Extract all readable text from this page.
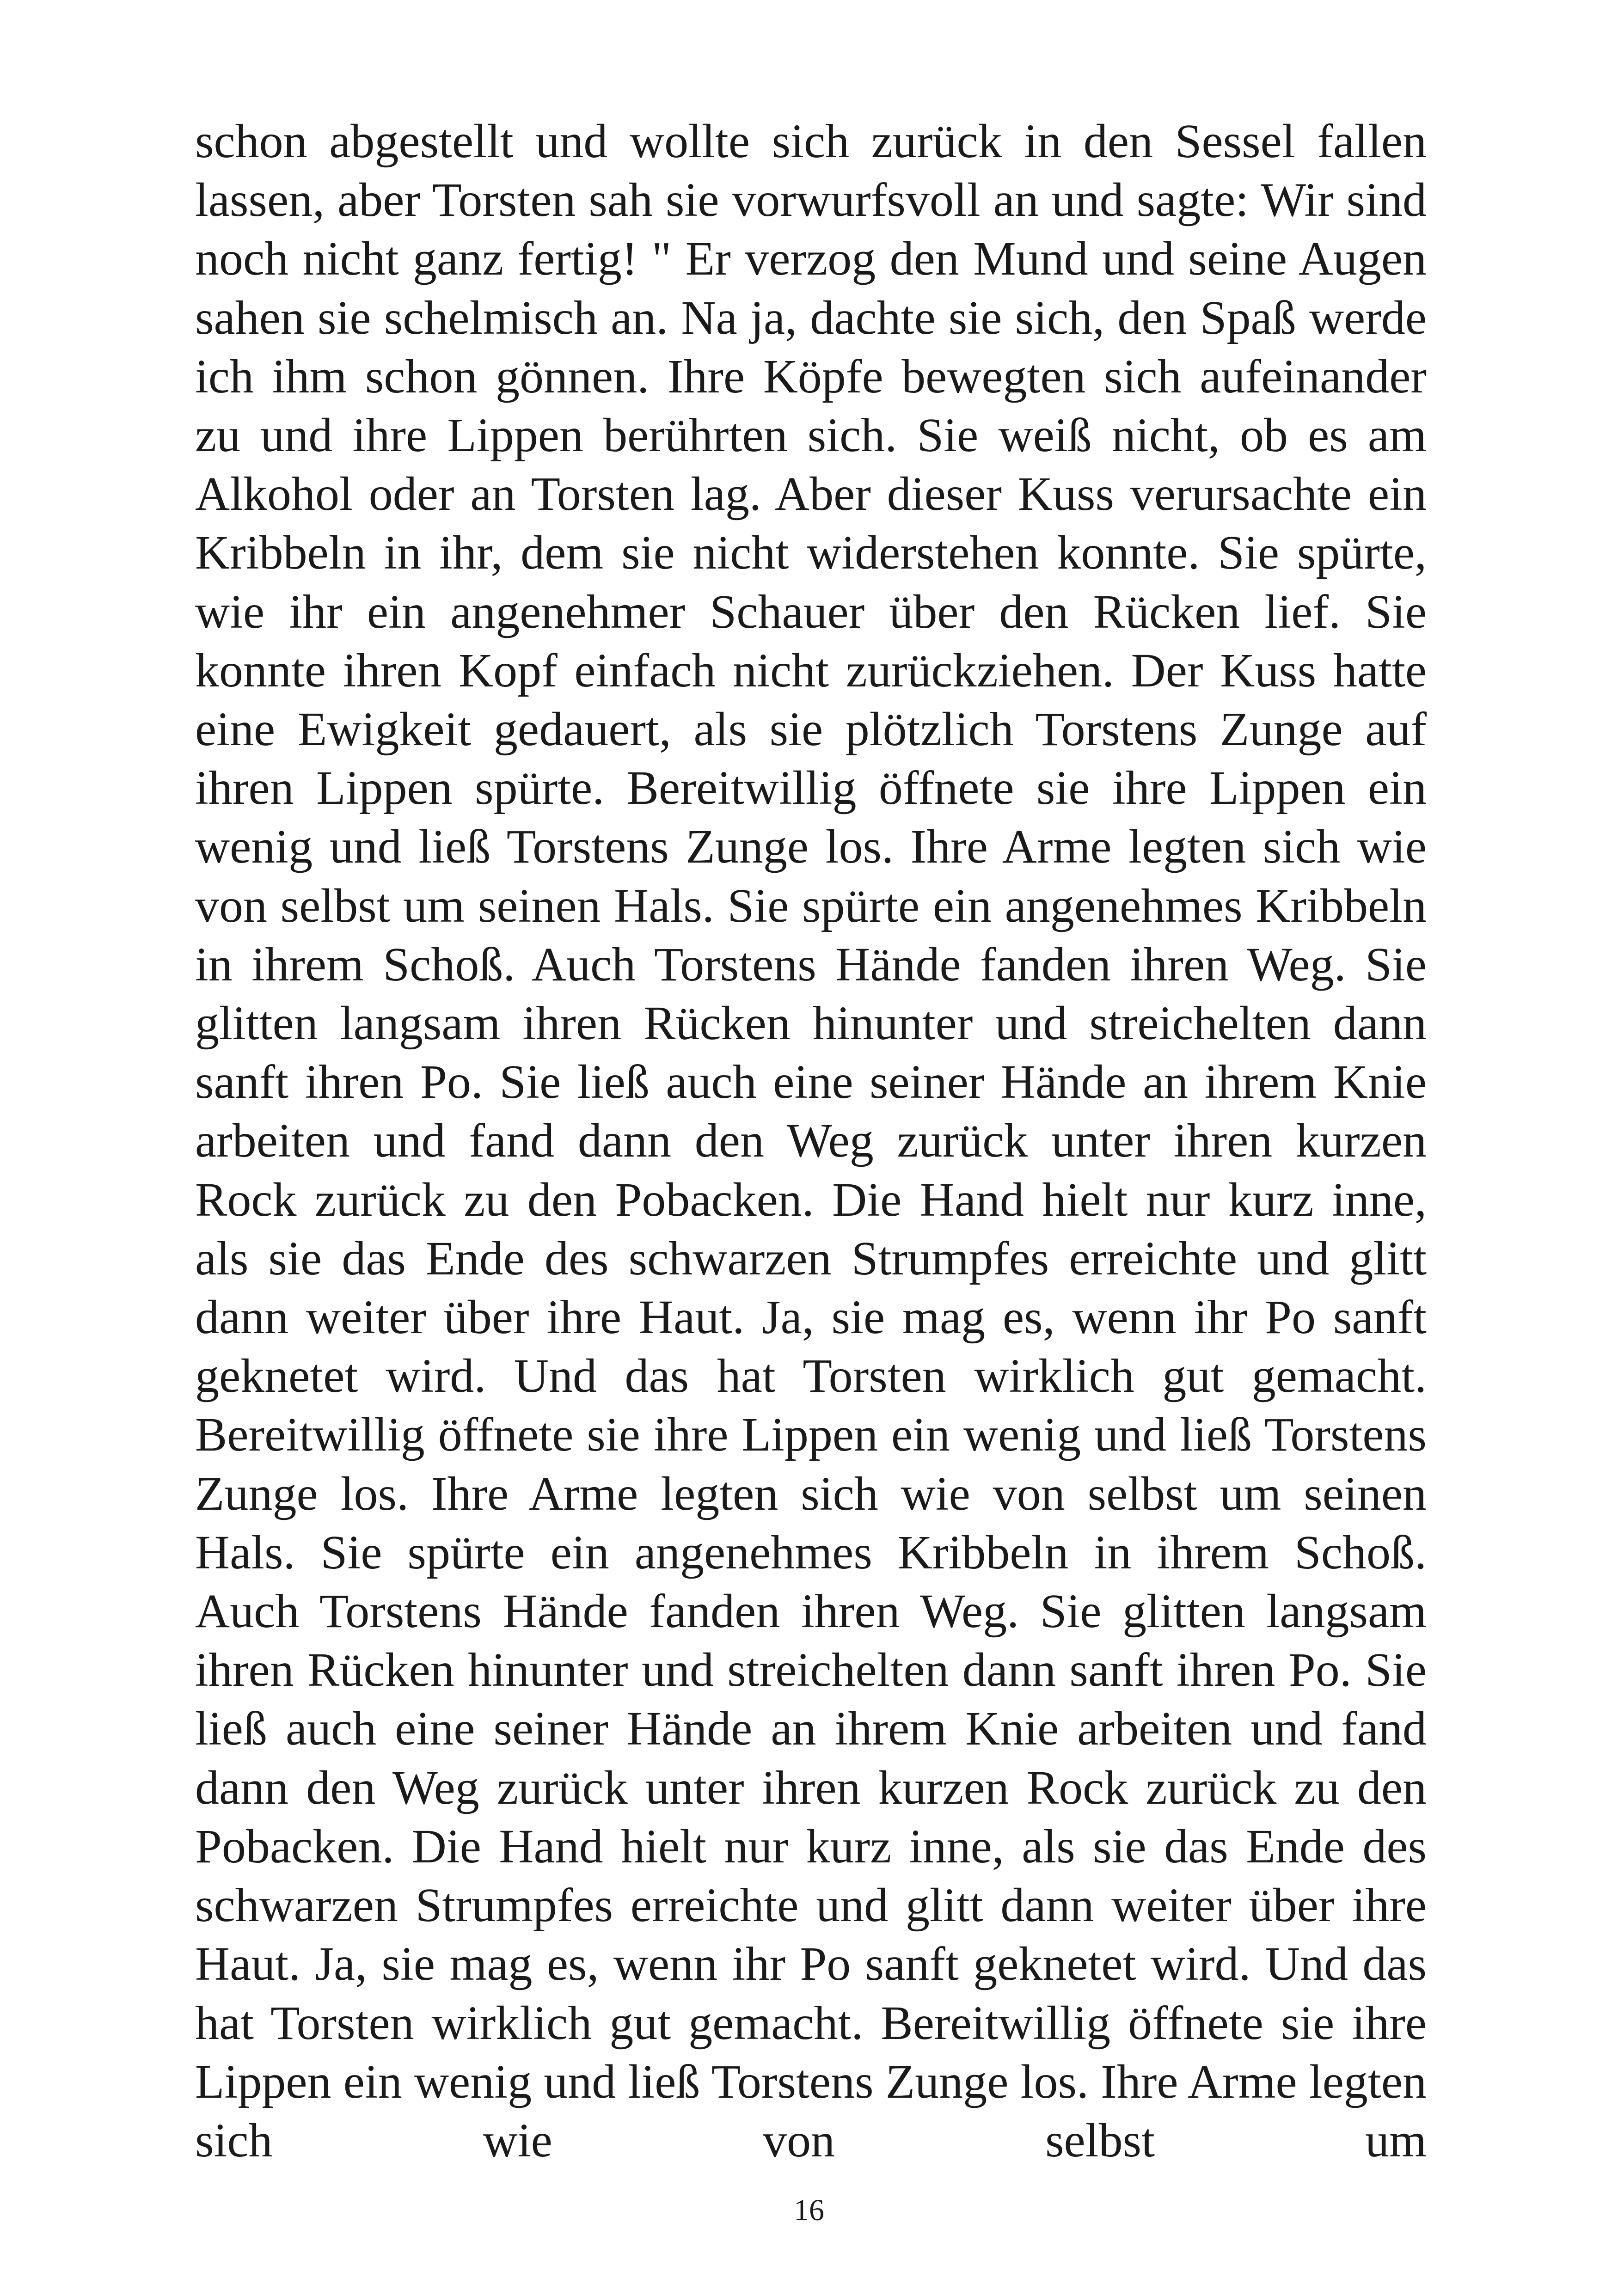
schon abgestellt und wollte sich zurück in den Sessel fallen lassen, aber Torsten sah sie vorwurfsvoll an und sagte: Wir sind noch nicht ganz fertig! " Er verzog den Mund und seine Augen sahen sie schelmisch an. Na ja, dachte sie sich, den Spaß werde ich ihm schon gönnen. Ihre Köpfe bewegten sich aufeinander zu und ihre Lippen berührten sich. Sie weiß nicht, ob es am Alkohol oder an Torsten lag. Aber dieser Kuss verursachte ein Kribbeln in ihr, dem sie nicht widerstehen konnte. Sie spürte, wie ihr ein angenehmer Schauer über den Rücken lief. Sie konnte ihren Kopf einfach nicht zurückziehen. Der Kuss hatte eine Ewigkeit gedauert, als sie plötzlich Torstens Zunge auf ihren Lippen spürte. Bereitwillig öffnete sie ihre Lippen ein wenig und ließ Torstens Zunge los. Ihre Arme legten sich wie von selbst um seinen Hals. Sie spürte ein angenehmes Kribbeln in ihrem Schoß. Auch Torstens Hände fanden ihren Weg. Sie glitten langsam ihren Rücken hinunter und streichelten dann sanft ihren Po. Sie ließ auch eine seiner Hände an ihrem Knie arbeiten und fand dann den Weg zurück unter ihren kurzen Rock zurück zu den Pobacken. Die Hand hielt nur kurz inne, als sie das Ende des schwarzen Strumpfes erreichte und glitt dann weiter über ihre Haut. Ja, sie mag es, wenn ihr Po sanft geknetet wird. Und das hat Torsten wirklich gut gemacht. Bereitwillig öffnete sie ihre Lippen ein wenig und ließ Torstens Zunge los. Ihre Arme legten sich wie von selbst um seinen Hals. Sie spürte ein angenehmes Kribbeln in ihrem Schoß. Auch Torstens Hände fanden ihren Weg. Sie glitten langsam ihren Rücken hinunter und streichelten dann sanft ihren Po. Sie ließ auch eine seiner Hände an ihrem Knie arbeiten und fand dann den Weg zurück unter ihren kurzen Rock zurück zu den Pobacken. Die Hand hielt nur kurz inne, als sie das Ende des schwarzen Strumpfes erreichte und glitt dann weiter über ihre Haut. Ja, sie mag es, wenn ihr Po sanft geknetet wird. Und das hat Torsten wirklich gut gemacht. Bereitwillig öffnete sie ihre Lippen ein wenig und ließ Torstens Zunge los. Ihre Arme legten sich wie von selbst um

16
